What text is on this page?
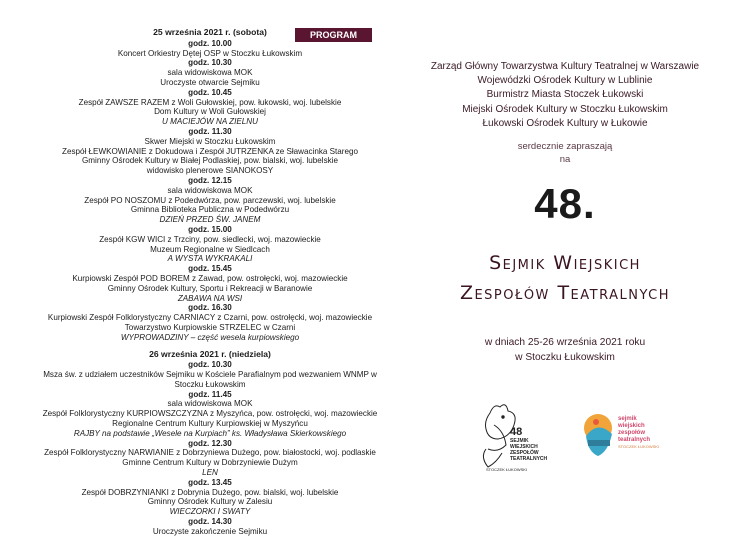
25 września 2021 r. (sobota)
godz. 10.00
Koncert Orkiestry Dętej OSP w Stoczku Łukowskim
godz. 10.30
sala widowiskowa MOK
Uroczyste otwarcie Sejmiku
godz. 10.45
Zespół ZAWSZE RAZEM z Woli Gułowskiej, pow. łukowski, woj. lubelskie
Dom Kultury w Woli Gułowskiej
U MACIEJÓW NA ZIELNU
godz. 11.30
Skwer Miejski w Stoczku Łukowskim
Zespół ŁEWKOWIANIE z Dokudowa i Zespół JUTRZENKA ze Sławacinka Starego
Gminny Ośrodek Kultury w Białej Podlaskiej, pow. bialski, woj. lubelskie
widowisko plenerowe SIANOKOSY
godz. 12.15
sala widowiskowa MOK
Zespół PO NOSZOMU z Podedwórza, pow. parczewski, woj. lubelskie
Gminna Biblioteka Publiczna w Podedwórzu
DZIEŃ PRZED ŚW. JANEM
godz. 15.00
Zespół KGW WICI z Trzciny, pow. siedlecki, woj. mazowieckie
Muzeum Regionalne w Siedlcach
A WYSTA WYKRAKALI
godz. 15.45
Kurpiowski Zespół POD BOREM z Zawad, pow. ostrołęcki, woj. mazowieckie
Gminny Ośrodek Kultury, Sportu i Rekreacji w Baranowie
ZABAWA NA WSI
godz. 16.30
Kurpiowski Zespół Folklorystyczny CARNIACY z Czarni, pow. ostrołęcki, woj. mazowieckie
Towarzystwo Kurpiowskie STRZELEC w Czarni
WYPROWADZINY – część wesela kurpiowskiego
26 września 2021 r. (niedziela)
godz. 10.30
Msza św. z udziałem uczestników Sejmiku w Kościele Parafialnym pod wezwaniem WNMP w
Stoczku Łukowskim
godz. 11.45
sala widowiskowa MOK
Zespół Folklorystyczny KURPIOWSZCZYZNA z Myszyńca, pow. ostrołęcki, woj. mazowieckie
Regionalne Centrum Kultury Kurpiowskiej w Myszyńcu
RAJBY na podstawie „Wesele na Kurpiach” ks. Władysława Skierkowskiego
godz. 12.30
Zespół Folklorystyczny NARWIANIE z Dobrzyniewa Dużego, pow. białostocki, woj. podlaskie
Gminne Centrum Kultury w Dobrzyniewie Dużym
LEN
godz. 13.45
Zespół DOBRZYNIANKI z Dobrynia Dużego, pow. bialski, woj. lubelskie
Gminny Ośrodek Kultury w Zalesiu
WIECZORKI I SWATY
godz. 14.30
Uroczyste zakończenie Sejmiku
PROGRAM
Zarząd Główny Towarzystwa Kultury Teatralnej w Warszawie
Wojewódzki Ośrodek Kultury w Lublinie
Burmistrz Miasta Stoczek Łukowski
Miejski Ośrodek Kultury w Stoczku Łukowskim
Łukowski Ośrodek Kultury w Łukowie
serdecznie zapraszają
na
48.
Sejmik Wiejskich
Zespołów Teatralnych
w dniach 25-26 września 2021 roku
w Stoczku Łukowskim
48
SEJMIK
WIEJSKICH
ZESPOŁÓW
TEATRALNYCH
STOCZEK ŁUKOWSKI
sejmik
wiejskich
zespołów
teatralnych
STOCZEK ŁUKOWSKI
